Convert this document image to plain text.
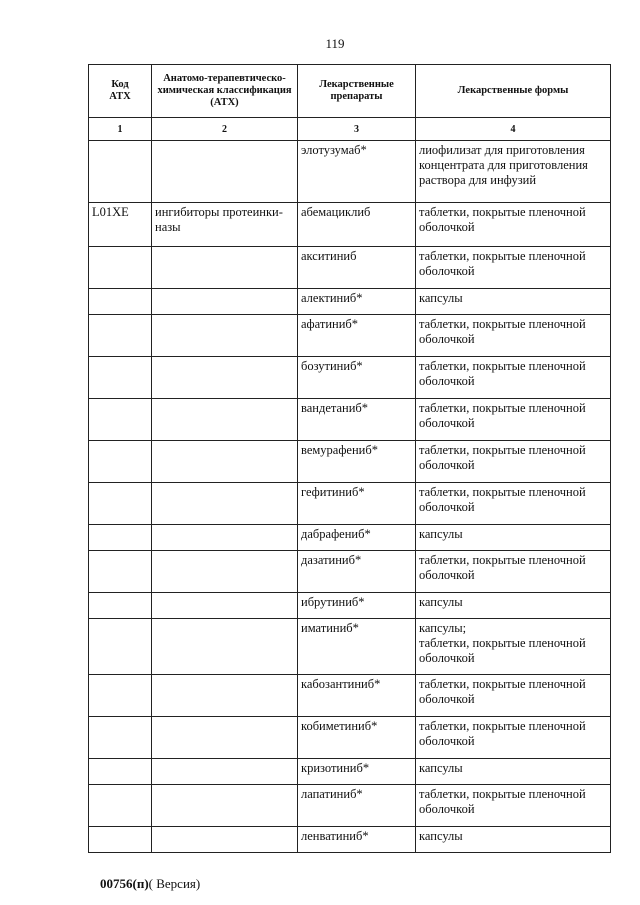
119
Код
ATX	Анатомо-терапевтическо-химическая классификация (ATX)	Лекарственные препараты	Лекарственные формы
1	2	3	4
		элотузумаб*	лиофилизат для приготовления концентрата для приготовления раствора для инфузий
L01XE	ингибиторы протеинки-назы	абемациклиб	таблетки, покрытые пленочной оболочкой
		акситиниб	таблетки, покрытые пленочной оболочкой
		алектиниб*	капсулы
		афатиниб*	таблетки, покрытые пленочной оболочкой
		бозутиниб*	таблетки, покрытые пленочной оболочкой
		вандетаниб*	таблетки, покрытые пленочной оболочкой
		вемурафениб*	таблетки, покрытые пленочной оболочкой
		гефитиниб*	таблетки, покрытые пленочной оболочкой
		дабрафениб*	капсулы
		дазатиниб*	таблетки, покрытые пленочной оболочкой
		ибрутиниб*	капсулы
		иматиниб*	капсулы;
таблетки, покрытые пленочной оболочкой
		кабозантиниб*	таблетки, покрытые пленочной оболочкой
		кобиметиниб*	таблетки, покрытые пленочной оболочкой
		кризотиниб*	капсулы
		лапатиниб*	таблетки, покрытые пленочной оболочкой
		ленватиниб*	капсулы
00756(п)( Версия)
